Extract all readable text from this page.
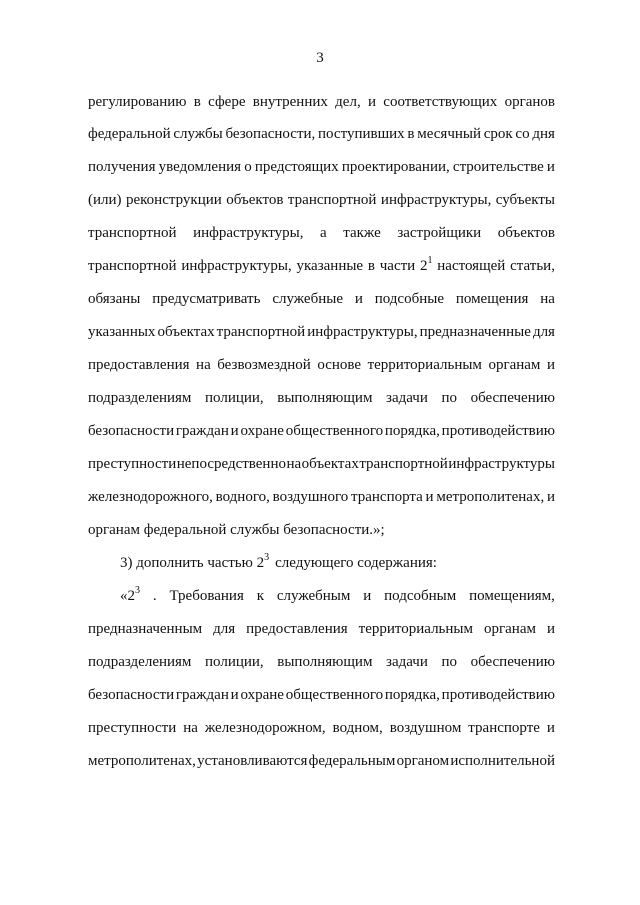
3
регулированию в сфере внутренних дел, и соответствующих органов
федеральной службы безопасности, поступивших в месячный срок со дня
получения уведомления о предстоящих проектировании, строительстве и
(или) реконструкции объектов транспортной инфраструктуры, субъекты
транспортной инфраструктуры, а также застройщики объектов
транспортной инфраструктуры, указанные в части $2^1$ настоящей статьи,
обязаны предусматривать служебные и подсобные помещения на
указанных объектах транспортной инфраструктуры, предназначенные для
предоставления на безвозмездной основе территориальным органам и
подразделениям полиции, выполняющим задачи по обеспечению
безопасности граждан и охране общественного порядка, противодействию
преступности непосредственно на объектах транспортной инфраструктуры
железнодорожного, водного, воздушного транспорта и метрополитенах, и
органам федеральной службы безопасности.»;
3) дополнить частью $2^3$ следующего содержания:
«$2^3$ . Требования к служебным и подсобным помещениям,
предназначенным для предоставления территориальным органам и
подразделениям полиции, выполняющим задачи по обеспечению
безопасности граждан и охране общественного порядка, противодействию
преступности на железнодорожном, водном, воздушном транспорте и
метрополитенах, установливаются федеральным органом исполнительной
